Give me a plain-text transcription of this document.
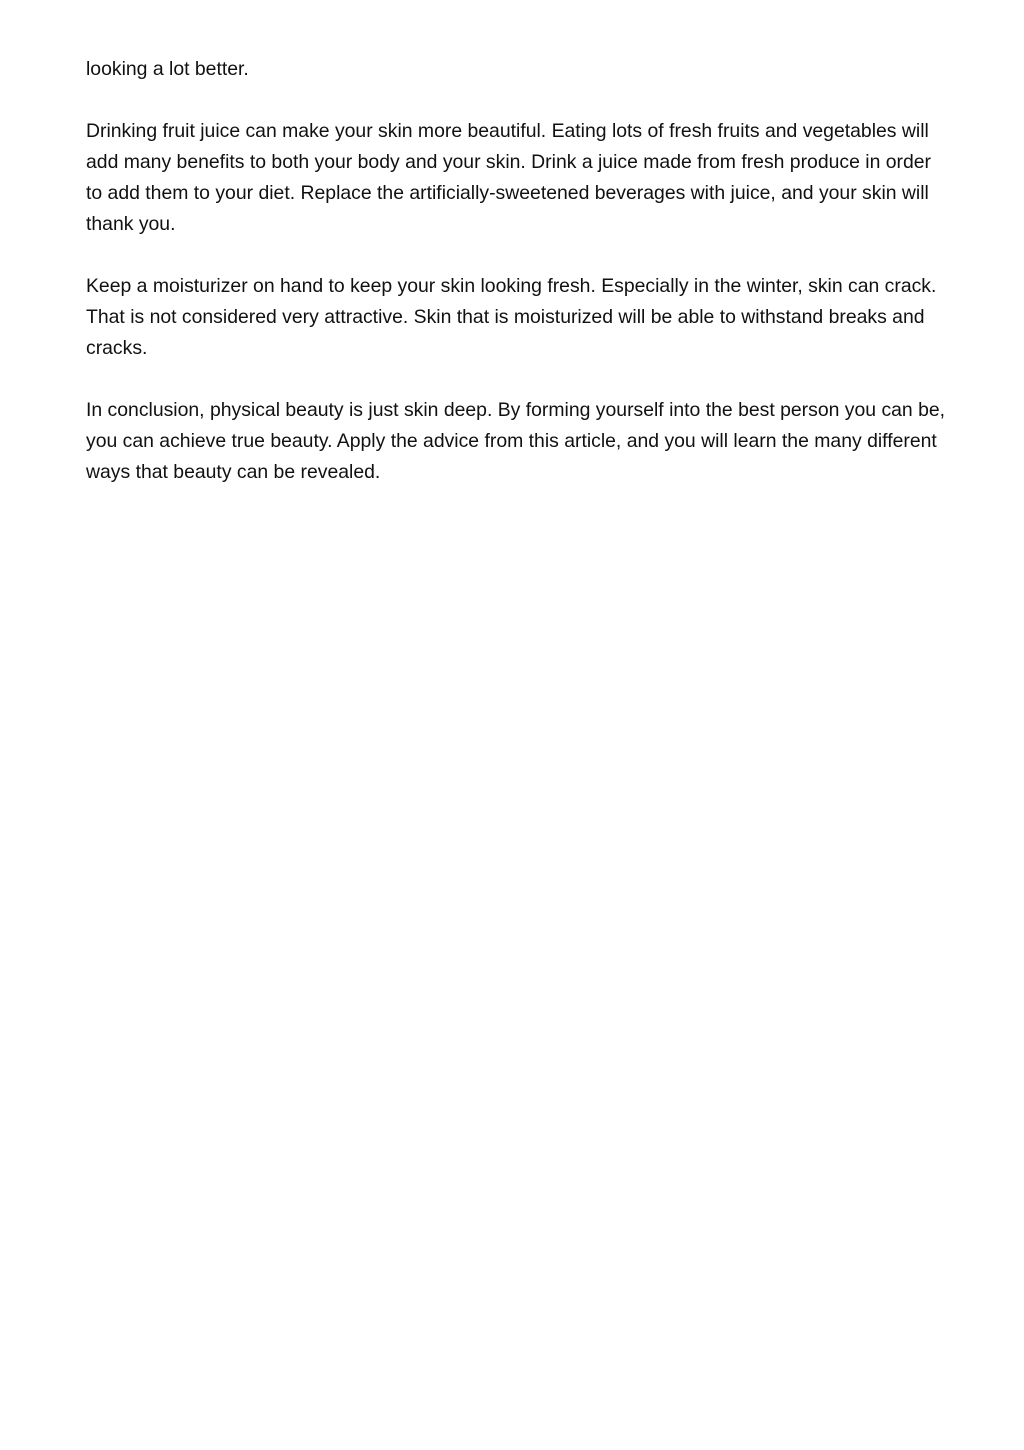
looking a lot better.

Drinking fruit juice can make your skin more beautiful. Eating lots of fresh fruits and vegetables will add many benefits to both your body and your skin. Drink a juice made from fresh produce in order to add them to your diet. Replace the artificially-sweetened beverages with juice, and your skin will thank you.

Keep a moisturizer on hand to keep your skin looking fresh. Especially in the winter, skin can crack. That is not considered very attractive. Skin that is moisturized will be able to withstand breaks and cracks.

In conclusion, physical beauty is just skin deep. By forming yourself into the best person you can be, you can achieve true beauty. Apply the advice from this article, and you will learn the many different ways that beauty can be revealed.
